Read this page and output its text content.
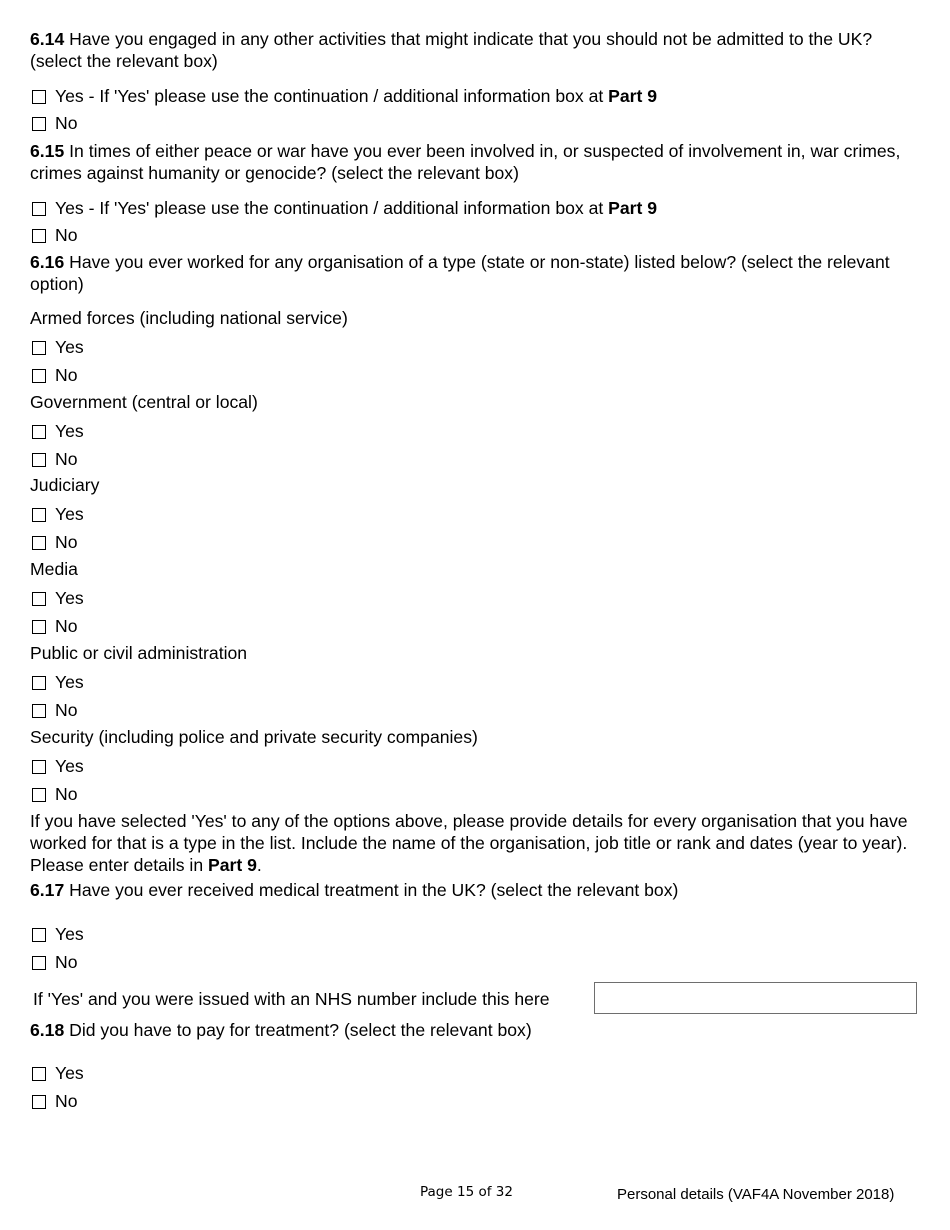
6.14 Have you engaged in any other activities that might indicate that you should not be admitted to the UK? (select the relevant box)
Yes - If 'Yes' please use the continuation / additional information box at Part 9
No
6.15 In times of either peace or war have you ever been involved in, or suspected of involvement in, war crimes, crimes against humanity or genocide? (select the relevant box)
Yes - If 'Yes' please use the continuation / additional information box at Part 9
No
6.16 Have you ever worked for any organisation of a type (state or non-state) listed below? (select the relevant option)
Armed forces (including national service)
Yes
No
Government (central or local)
Yes
No
Judiciary
Yes
No
Media
Yes
No
Public or civil administration
Yes
No
Security (including police and private security companies)
Yes
No
If you have selected 'Yes' to any of the options above, please provide details for every organisation that you have worked for that is a type in the list. Include the name of the organisation, job title or rank and dates (year to year). Please enter details in Part 9.
6.17 Have you ever received medical treatment in the UK? (select the relevant box)
Yes
No
If 'Yes' and you were issued with an NHS number include this here
6.18 Did you have to pay for treatment? (select the relevant box)
Yes
No
Page 15 of 32	Personal details (VAF4A November 2018)
